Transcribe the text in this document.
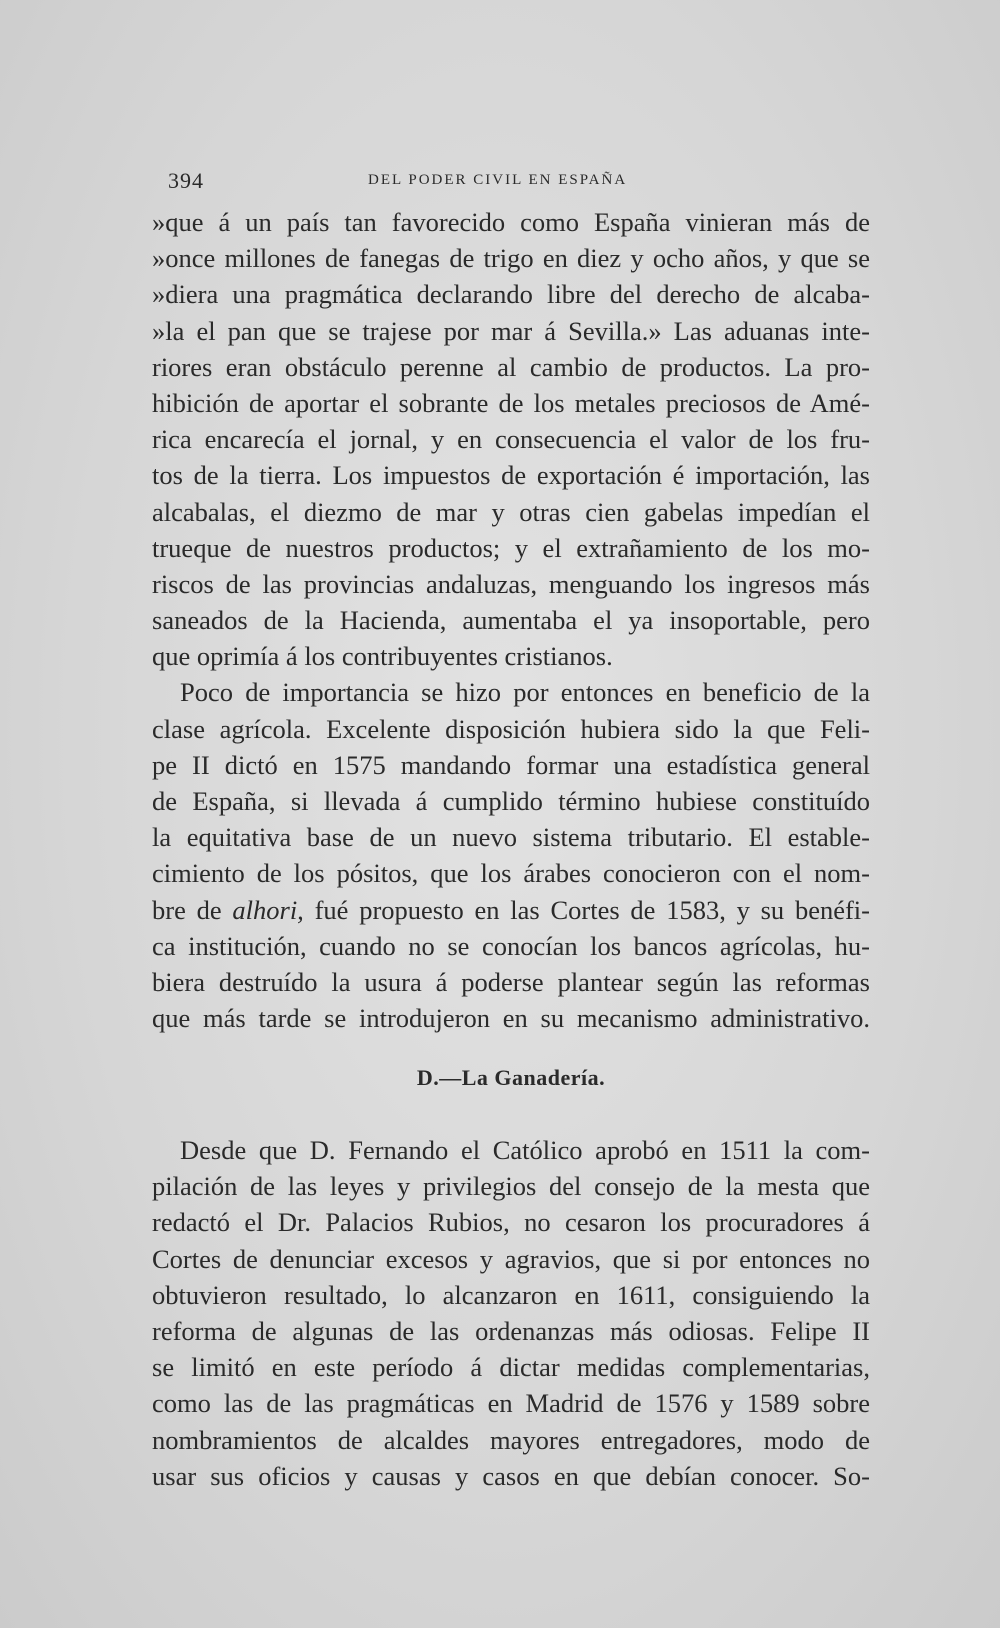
394	DEL PODER CIVIL EN ESPAÑA
»que á un país tan favorecido como España vinieran más de
»once millones de fanegas de trigo en diez y ocho años, y que se
»diera una pragmática declarando libre del derecho de alcaba-
»la el pan que se trajese por mar á Sevilla.» Las aduanas inte-
riores eran obstáculo perenne al cambio de productos. La pro-
hibición de aportar el sobrante de los metales preciosos de Amé-
rica encarecía el jornal, y en consecuencia el valor de los fru-
tos de la tierra. Los impuestos de exportación é importación, las
alcabalas, el diezmo de mar y otras cien gabelas impedían el
trueque de nuestros productos; y el extrañamiento de los mo-
riscos de las provincias andaluzas, menguando los ingresos más
saneados de la Hacienda, aumentaba el ya insoportable, pero
que oprimía á los contribuyentes cristianos.
Poco de importancia se hizo por entonces en beneficio de la
clase agrícola. Excelente disposición hubiera sido la que Feli-
pe II dictó en 1575 mandando formar una estadística general
de España, si llevada á cumplido término hubiese constituído
la equitativa base de un nuevo sistema tributario. El estable-
cimiento de los pósitos, que los árabes conocieron con el nom-
bre de alhori, fué propuesto en las Cortes de 1583, y su benéfi-
ca institución, cuando no se conocían los bancos agrícolas, hu-
biera destruído la usura á poderse plantear según las reformas
que más tarde se introdujeron en su mecanismo administrativo.
D.—La Ganadería.
Desde que D. Fernando el Católico aprobó en 1511 la com-
pilación de las leyes y privilegios del consejo de la mesta que
redactó el Dr. Palacios Rubios, no cesaron los procuradores á
Cortes de denunciar excesos y agravios, que si por entonces no
obtuvieron resultado, lo alcanzaron en 1611, consiguiendo la
reforma de algunas de las ordenanzas más odiosas. Felipe II
se limitó en este período á dictar medidas complementarias,
como las de las pragmáticas en Madrid de 1576 y 1589 sobre
nombramientos de alcaldes mayores entregadores, modo de
usar sus oficios y causas y casos en que debían conocer. So-
